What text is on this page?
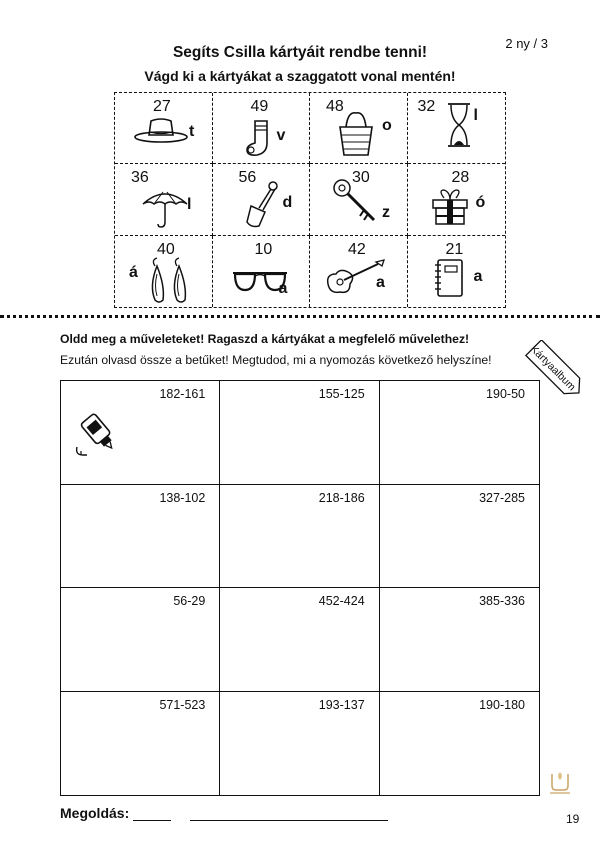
2 ny / 3
Segíts Csilla kártyáit rendbe tenni!
Vágd ki a kártyákat a szaggatott vonal mentén!
27
t
49
v
48
o
32
l
36
l
56
d
30
z
28
ó
40
á
10
a
42
a
21
a
Oldd meg a műveleteket! Ragaszd a kártyákat a megfelelő művelethez!
Ezután olvasd össze a betűket! Megtudod, mi a nyomozás következő helyszíne!	Kártyaalbum
182-161	155-125	190-50
138-102	218-186	327-285
56-29	452-424	385-336
571-523	193-137	190-180
Megoldás:	19
